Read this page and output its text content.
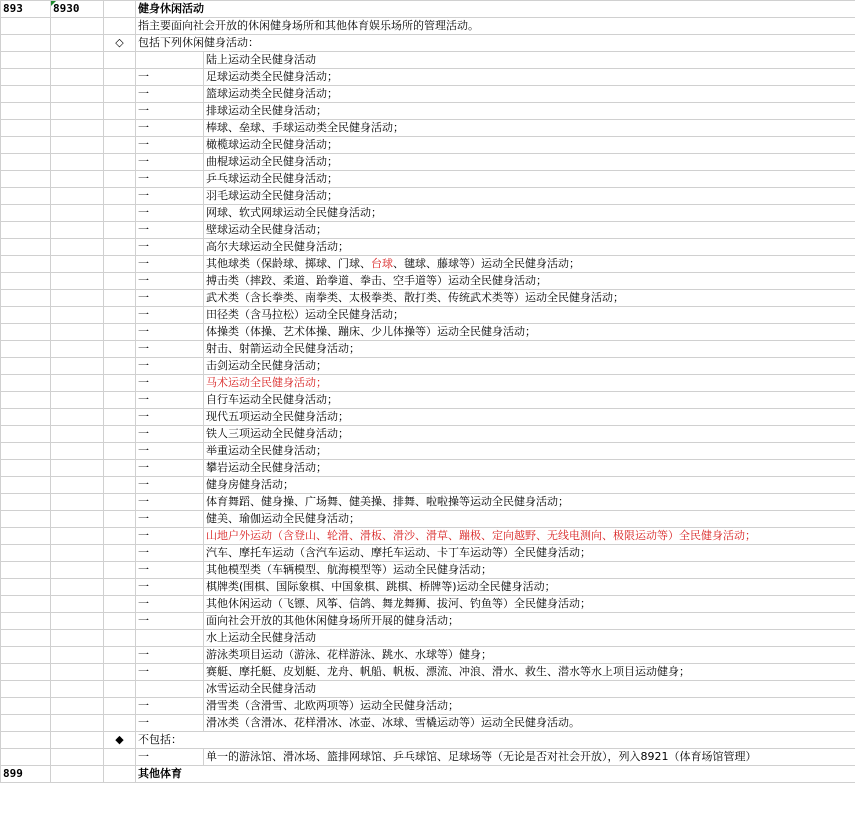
893	8930		健身休闲活动	
			指主要面向社会开放的休闲健身场所和其他体育娱乐场所的管理活动。	
		◇	包括下列休闲健身活动：	
				陆上运动全民健身活动
			一	足球运动类全民健身活动；
			一	篮球运动类全民健身活动；
			一	排球运动全民健身活动；
			一	棒球、垒球、手球运动类全民健身活动；
			一	橄榄球运动全民健身活动；
			一	曲棍球运动全民健身活动；
			一	乒乓球运动全民健身活动；
			一	羽毛球运动全民健身活动；
			一	网球、软式网球运动全民健身活动；
			一	壁球运动全民健身活动；
			一	高尔夫球运动全民健身活动；
			一	其他球类（保龄球、掷球、门球、台球、毽球、藤球等）运动全民健身活动；
			一	搏击类（摔跤、柔道、跆拳道、拳击、空手道等）运动全民健身活动；
			一	武术类（含长拳类、南拳类、太极拳类、散打类、传统武术类等）运动全民健身活动；
			一	田径类（含马拉松）运动全民健身活动；
			一	体操类（体操、艺术体操、蹦床、少儿体操等）运动全民健身活动；
			一	射击、射箭运动全民健身活动；
			一	击剑运动全民健身活动；
			一	马术运动全民健身活动；
			一	自行车运动全民健身活动；
			一	现代五项运动全民健身活动；
			一	铁人三项运动全民健身活动；
			一	举重运动全民健身活动；
			一	攀岩运动全民健身活动；
			一	健身房健身活动；
			一	体育舞蹈、健身操、广场舞、健美操、排舞、啦啦操等运动全民健身活动；
			一	健美、瑜伽运动全民健身活动；
			一	山地户外运动（含登山、轮滑、滑板、滑沙、滑草、蹦极、定向越野、无线电测向、极限运动等）全民健身活动；
			一	汽车、摩托车运动（含汽车运动、摩托车运动、卡丁车运动等）全民健身活动；
			一	其他模型类（车辆模型、航海模型等）运动全民健身活动；
			一	棋牌类(围棋、国际象棋、中国象棋、跳棋、桥牌等)运动全民健身活动；
			一	其他休闲运动（飞镖、风筝、信鸽、舞龙舞狮、拔河、钓鱼等）全民健身活动；
			一	面向社会开放的其他休闲健身场所开展的健身活动；
				水上运动全民健身活动
			一	游泳类项目运动（游泳、花样游泳、跳水、水球等）健身；
			一	赛艇、摩托艇、皮划艇、龙舟、帆船、帆板、漂流、冲浪、滑水、救生、潜水等水上项目运动健身；
				冰雪运动全民健身活动
			一	滑雪类（含滑雪、北欧两项等）运动全民健身活动；
			一	滑冰类（含滑冰、花样滑冰、冰壶、冰球、雪橇运动等）运动全民健身活动。
		◆	不包括：	
			一	单一的游泳馆、滑冰场、篮排网球馆、乒乓球馆、足球场等（无论是否对社会开放），列入8921（体育场馆管理）
899			其他体育	
